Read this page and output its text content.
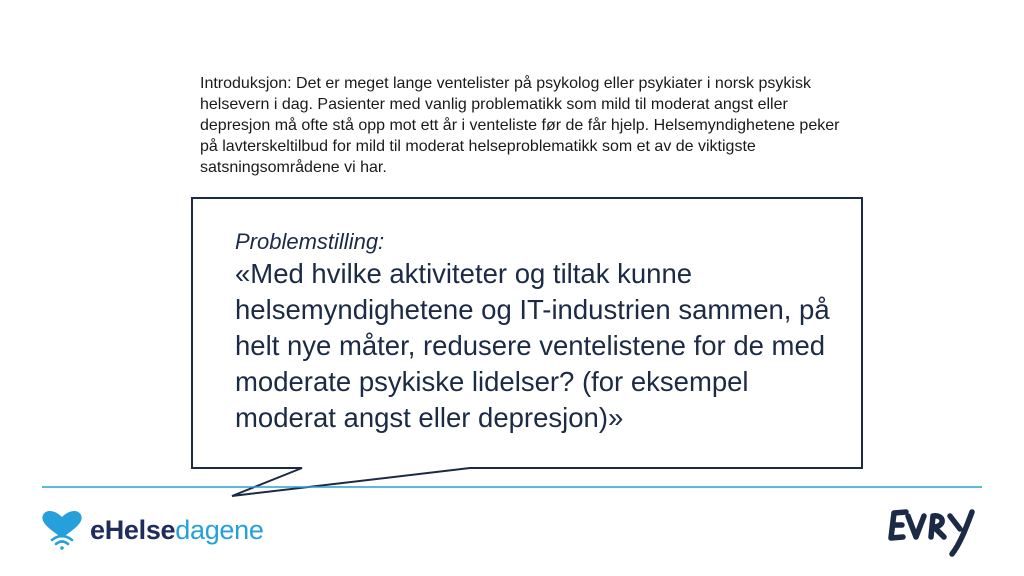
Introduksjon: Det er meget lange ventelister på psykolog eller psykiater i norsk psykisk helsevern i dag. Pasienter med vanlig problematikk som mild til moderat angst eller depresjon må ofte stå opp mot ett år i venteliste før de får hjelp. Helsemyndighetene peker på lavterskeltilbud for mild til moderat helseproblematikk som et av de viktigste satsningsområdene vi har.

Problemstilling:

«Med hvilke aktiviteter og tiltak kunne helsemyndighetene og IT-industrien sammen, på helt nye måter, redusere ventelistene for de med moderate psykiske lidelser? (for eksempel moderat angst eller depresjon)»

eHelsedagene
